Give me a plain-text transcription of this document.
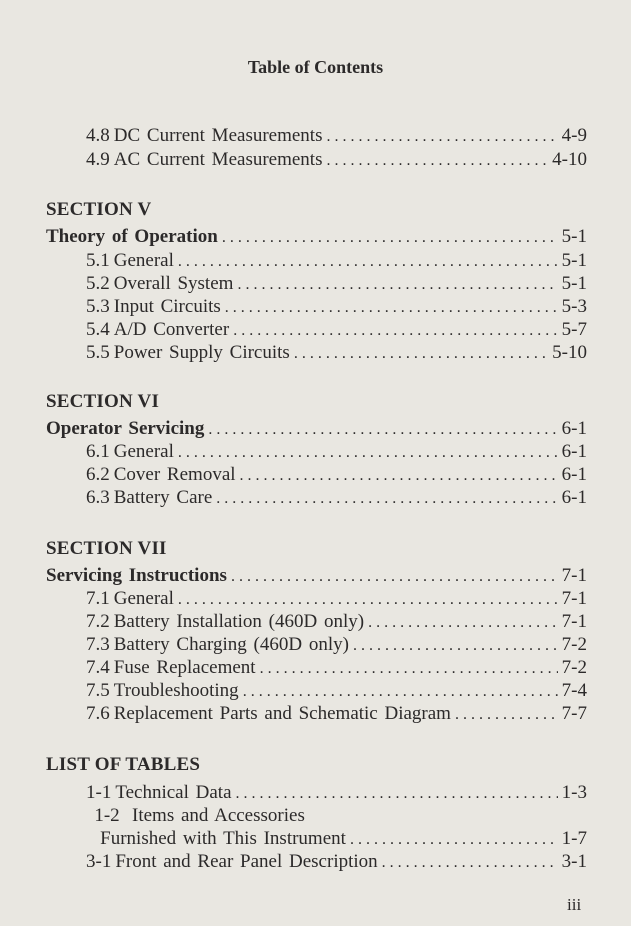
Table of Contents
4.8 DC Current Measurements . . .	4-9
4.9 AC Current Measurements . . .	4-10
SECTION V
Theory of Operation . . .	5-1
5.1 General . . .	5-1
5.2 Overall System . . .	5-1
5.3 Input Circuits . . .	5-3
5.4 A/D Converter . . .	5-7
5.5 Power Supply Circuits . . .	5-10
SECTION VI
Operator Servicing . . .	6-1
6.1 General . . .	6-1
6.2 Cover Removal . . .	6-1
6.3 Battery Care . . .	6-1
SECTION VII
Servicing Instructions . . .	7-1
7.1 General . . .	7-1
7.2 Battery Installation (460D only) . . .	7-1
7.3 Battery Charging (460D only) . . .	7-2
7.4 Fuse Replacement . . .	7-2
7.5 Troubleshooting . . .	7-4
7.6 Replacement Parts and Schematic Diagram . . .	7-7
LIST OF TABLES
1-1 Technical Data . . .	1-3
1-2 Items and Accessories
Furnished with This Instrument . . .	1-7
3-1 Front and Rear Panel Description . . .	3-1
iii
